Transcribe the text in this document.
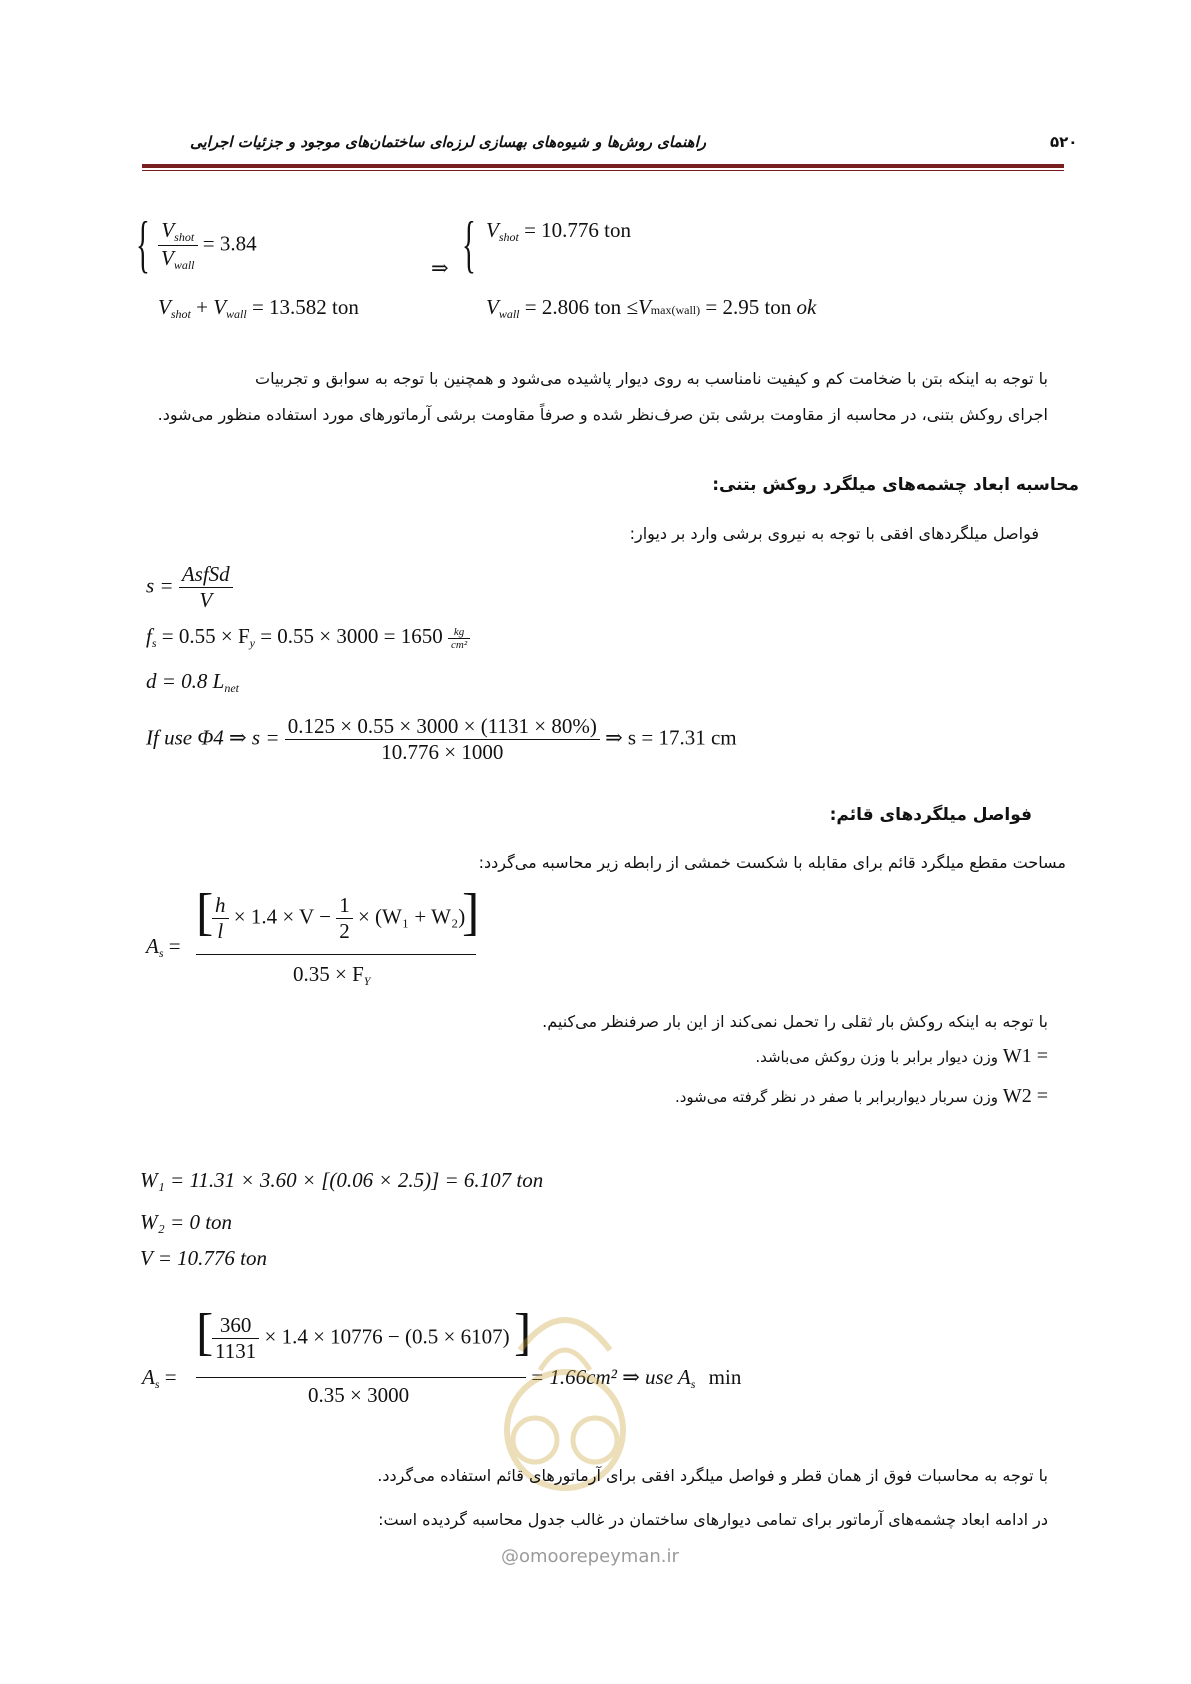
راهنمای روش‌ها و شیوه‌های بهسازی لرزه‌ای ساختمان‌های موجود و جزئیات اجرایی	۵۲۰
{ $\frac{\text{Vshot}}{\text{Vwall}} = 3.84$
Vshot + Vwall = 13.582 ton
⇒ { Vshot = 10.776 ton
Vwall = 2.806 ton ≤Vmax(wall) = 2.95 ton ok
با توجه به اینکه بتن با ضخامت کم و کیفیت نامناسب به روی دیوار پاشیده می‌شود و همچنین با توجه به سوابق و تجربیات
اجرای روکش بتنی، در محاسبه از مقاومت برشی بتن صرف‌نظر شده و صرفاً مقاومت برشی آرماتورهای مورد استفاده منظور می‌شود.
محاسبه ابعاد چشمه‌های میلگرد روکش بتنی:
فواصل میلگردهای افقی با توجه به نیروی برشی وارد بر دیوار:
$s = \frac{\text{AsfSd}}{V}$
fs = $0.55 \times Fy = 0.55 \times 3000 = 1650 \frac{kg}{\text{cm²}}$
d = 0.8 Lnet
If use Φ4 ⇒ $s = \frac{0.125 \times 0.55 \times 3000 \times (1131 \times 80\%)}{10.776 \times 1000}$ ⇒ s = 17.31 cm
فواصل میلگردهای قائم:
مساحت مقطع میلگرد قائم برای مقابله با شکست خمشی از رابطه زیر محاسبه می‌گردد:
As =
[
$\frac{h}{l} \times 1.4 \times V - \frac{1}{2} \times (W_1 + W_2)$
]
0.35 × FY
با توجه به اینکه روکش بار ثقلی را تحمل نمی‌کند از این بار صرفنظر می‌کنیم.
= W1 وزن دیوار برابر با وزن روکش می‌باشد.
= W2 وزن سربار دیواربرابر با صفر در نظر گرفته می‌شود.
W₁ = 11.31 × 3.60 × [(0.06 × 2.5)] = 6.107 ton
W₂ = 0 ton
V = 10.776 ton
As =
[
$\frac{360}{1131} \times 1.4 \times 10776 - (0.5 \times 6107)$ ]
0.35 × 3000
= 1.66cm² ⇒ use As min
@omoorepeyman.ir
با توجه به محاسبات فوق از همان قطر و فواصل میلگرد افقی برای آرماتورهای قائم استفاده می‌گردد.
در ادامه ابعاد چشمه‌های آرماتور برای تمامی دیوارهای ساختمان در غالب جدول محاسبه گردیده است:
